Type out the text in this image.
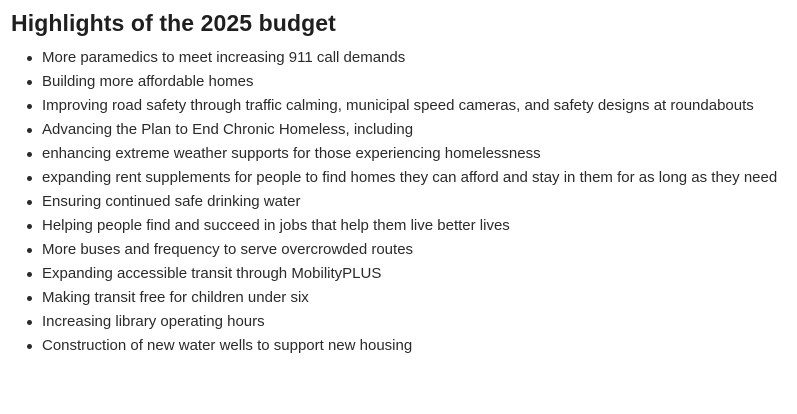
Highlights of the 2025 budget
More paramedics to meet increasing 911 call demands
Building more affordable homes
Improving road safety through traffic calming, municipal speed cameras, and safety designs at roundabouts
Advancing the Plan to End Chronic Homeless, including
enhancing extreme weather supports for those experiencing homelessness
expanding rent supplements for people to find homes they can afford and stay in them for as long as they need
Ensuring continued safe drinking water
Helping people find and succeed in jobs that help them live better lives
More buses and frequency to serve overcrowded routes
Expanding accessible transit through MobilityPLUS
Making transit free for children under six
Increasing library operating hours
Construction of new water wells to support new housing
